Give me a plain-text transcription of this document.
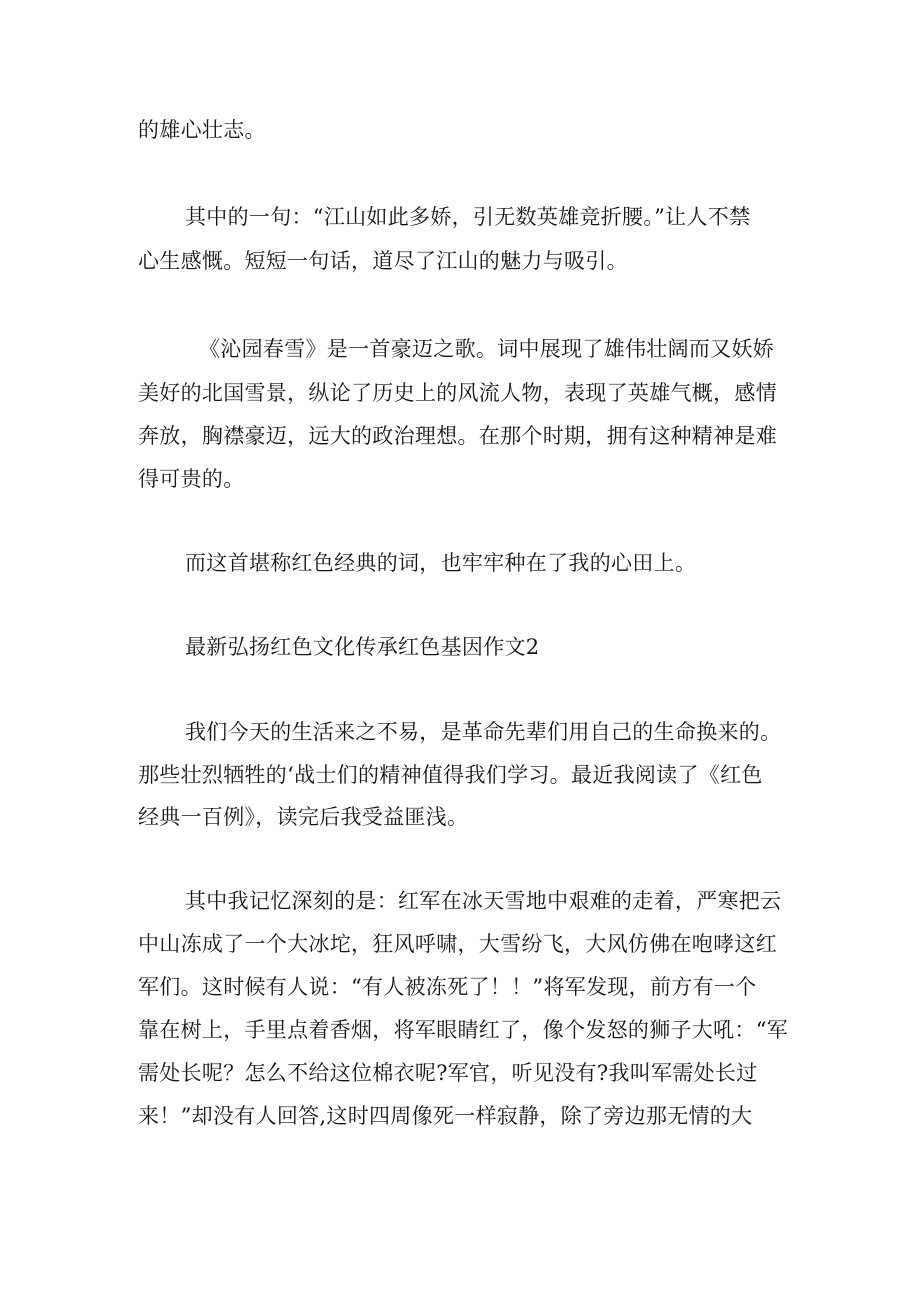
的雄心壮志。
其中的一句：“江山如此多娇，引无数英雄竞折腰。”让人不禁
心生感慨。短短一句话，道尽了江山的魅力与吸引。
《沁园春雪》是一首豪迈之歌。词中展现了雄伟壮阔而又妖娇
美好的北国雪景，纵论了历史上的风流人物，表现了英雄气概，感情
奔放，胸襟豪迈，远大的政治理想。在那个时期，拥有这种精神是难
得可贵的。
而这首堪称红色经典的词，也牢牢种在了我的心田上。
最新弘扬红色文化传承红色基因作文2
我们今天的生活来之不易，是革命先辈们用自己的生命换来的。
那些壮烈牺牲的‘战士们的精神值得我们学习。最近我阅读了《红色
经典一百例》，读完后我受益匪浅。
其中我记忆深刻的是：红军在冰天雪地中艰难的走着，严寒把云
中山冻成了一个大冰坨，狂风呼啸，大雪纷飞，大风仿佛在咆哮这红
军们。这时候有人说：“有人被冻死了！！”将军发现，前方有一个
靠在树上，手里点着香烟，将军眼睛红了，像个发怒的狮子大吼：“军
需处长呢？怎么不给这位棉衣呢?军官，听见没有?我叫军需处长过
来！”却没有人回答,这时四周像死一样寂静，除了旁边那无情的大
